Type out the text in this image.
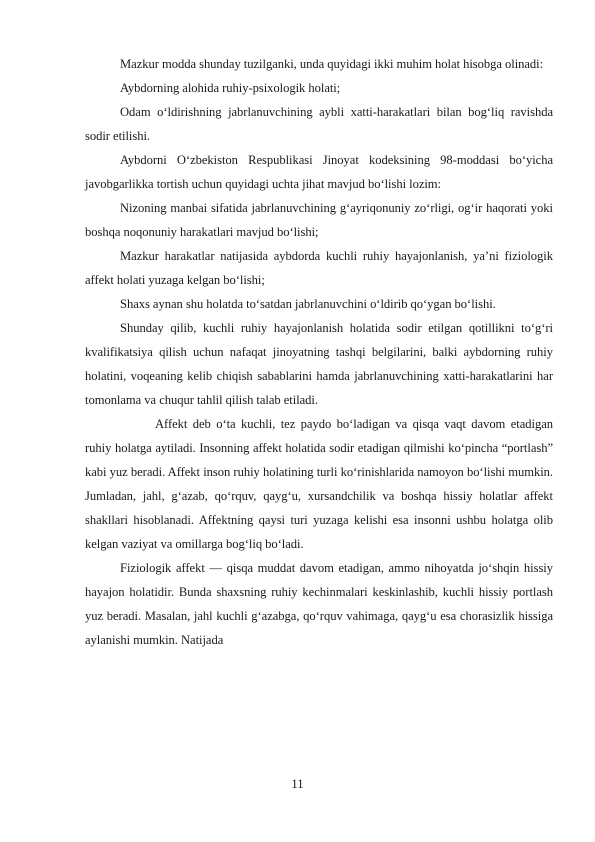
Mazkur modda shunday tuzilganki, unda quyidagi ikki muhim holat hisobga olinadi:

Aybdorning alohida ruhiy-psixologik holati;

Odam o‘ldirishning jabrlanuvchining aybli xatti-harakatlari bilan bog‘liq ravishda sodir etilishi.

Aybdorni O‘zbekiston Respublikasi Jinoyat kodeksining 98-moddasi bo‘yicha javobgarlikka tortish uchun quyidagi uchta jihat mavjud bo‘lishi lozim:

Nizoning manbai sifatida jabrlanuvchining g‘ayriqonuniy zo‘rligi, og‘ir haqorati yoki boshqa noqonuniy harakatlari mavjud bo‘lishi;

Mazkur harakatlar natijasida aybdorda kuchli ruhiy hayajonlanish, ya’ni fiziologik affekt holati yuzaga kelgan bo‘lishi;

Shaxs aynan shu holatda to‘satdan jabrlanuvchini o‘ldirib qo‘ygan bo‘lishi.

Shunday qilib, kuchli ruhiy hayajonlanish holatida sodir etilgan qotillikni to‘g‘ri kvalifikatsiya qilish uchun nafaqat jinoyatning tashqi belgilarini, balki aybdorning ruhiy holatini, voqeaning kelib chiqish sabablarini hamda jabrlanuvchining xatti-harakatlarini har tomonlama va chuqur tahlil qilish talab etiladi.

Affekt deb o‘ta kuchli, tez paydo bo‘ladigan va qisqa vaqt davom etadigan ruhiy holatga aytiladi. Insonning affekt holatida sodir etadigan qilmishi ko‘pincha “portlash” kabi yuz beradi. Affekt inson ruhiy holatining turli ko‘rinishlarida namoyon bo‘lishi mumkin. Jumladan, jahl, g‘azab, qo‘rquv, qayg‘u, xursandchilik va boshqa hissiy holatlar affekt shakllari hisoblanadi. Affektning qaysi turi yuzaga kelishi esa insonni ushbu holatga olib kelgan vaziyat va omillarga bog‘liq bo‘ladi.

Fiziologik affekt — qisqa muddat davom etadigan, ammo nihoyatda jo‘shqin hissiy hayajon holatidir. Bunda shaxsning ruhiy kechinmalari keskinlashib, kuchli hissiy portlash yuz beradi. Masalan, jahl kuchli g‘azabga, qo‘rquv vahimaga, qayg‘u esa chorasizlik hissiga aylanishi mumkin. Natijada

11
